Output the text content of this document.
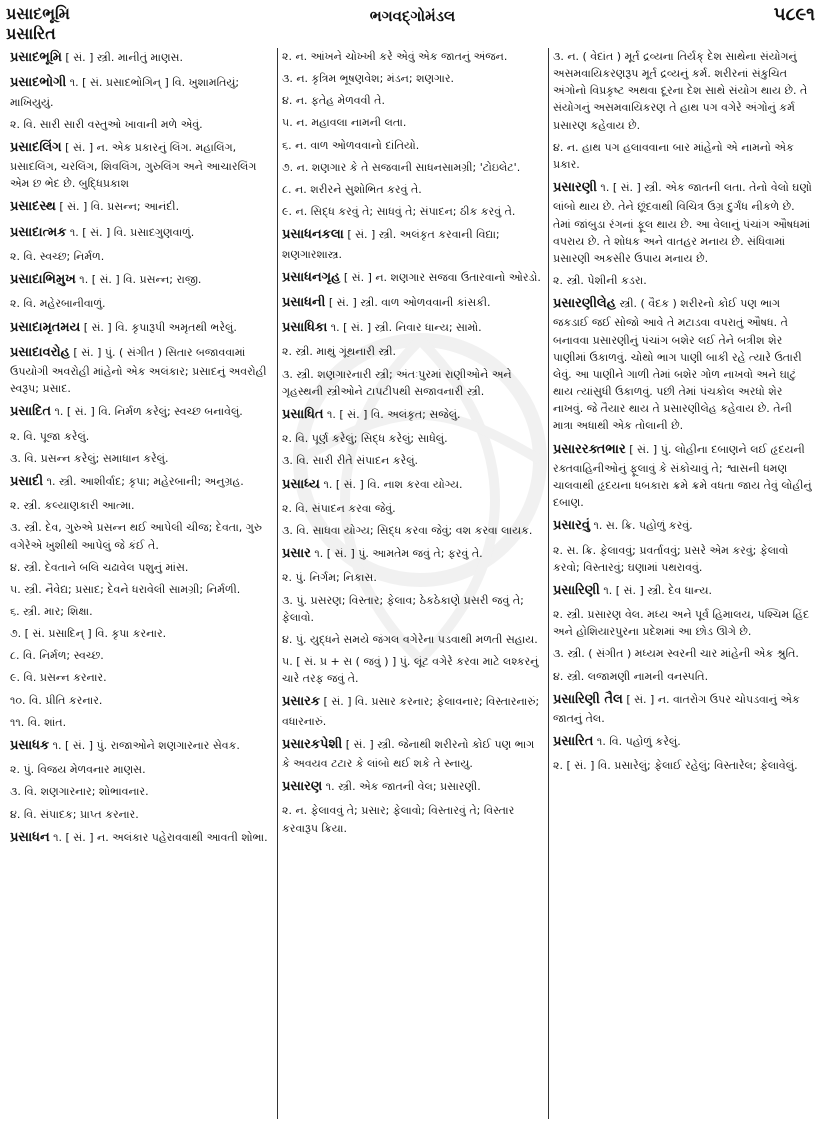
પ્રસાદભૂમિ
પ્રસારિત
ભગવદ્ગોમંડલ	૫૮૯૧

પ્રસાદભૂમિ [ સં. ] સ્ત્રી. માનીતું માણસ.

પ્રસાદભોગી ૧. [ સં. પ્રસાદભોગિન્ ] વિ. ખુશામતિયું; માખિયુયું.

૨. વિ. સારી સારી વસ્તુઓ ખાવાની મળે એવું.

પ્રસાદલિંગ [ સં. ] ન. એક પ્રકારનું લિંગ. મહાલિંગ, પ્રસાદલિંગ, ચરલિંગ, શિવલિંગ, ગુરુલિંગ અને આચારલિંગ એમ છ ભેદ છે. બુદ્ધિપ્રકાશ

પ્રસાદસ્થ [ સં. ] વિ. પ્રસન્ન; આનંદી.

પ્રસાદાત્મક ૧. [ સં. ] વિ. પ્રસાદગુણવાળું.

૨. વિ. સ્વચ્છ; નિર્મળ.

પ્રસાદાભિમુખ ૧. [ સં. ] વિ. પ્રસન્ન; રાજી.

૨. વિ. મહેરબાનીવાળું.

પ્રસાદામૃતમય [ સં. ] વિ. કૃપારૂપી અમૃતથી ભરેલું.

પ્રસાદાવરોહ [ સં. ] પું. ( સંગીત ) સિતાર બજાવવામાં ઉપયોગી અવરોહી માંહેનો એક અલંકાર; પ્રસાદનું અવરોહી સ્વરૂપ; પ્રસાદ.

પ્રસાદિત ૧. [ સં. ] વિ. નિર્મળ કરેલું; સ્વચ્છ બનાવેલું.

૨. વિ. પૂજા કરેલું.

૩. વિ. પ્રસન્ન કરેલું; સમાધાન કરેલું.

પ્રસાદી ૧. સ્ત્રી. આશીર્વાદ; કૃપા; મહેરબાની; અનુગ્રહ.

૨. સ્ત્રી. કલ્યાણકારી આત્મા.

૩. સ્ત્રી. દેવ, ગુરુએ પ્રસન્ન થઈ આપેલી ચીજ; દેવતા, ગુરુ વગેરેએ ખુશીથી આપેલું જે કંઈ તે.

૪. સ્ત્રી. દેવતાને બલિ ચઢાવેલ પશુનું માંસ.

૫. સ્ત્રી. નૈવેદ્ય; પ્રસાદ; દેવને ધરાવેલી સામગ્રી; નિર્મળી.

૬. સ્ત્રી. માર; શિક્ષા.

૭. [ સં. પ્રસાદિન્ ] વિ. કૃપા કરનાર.

૮. વિ. નિર્મળ; સ્વચ્છ.

૯. વિ. પ્રસન્ન કરનાર.

૧૦. વિ. પ્રીતિ કરનાર.

૧૧. વિ. શાંત.

પ્રસાધક ૧. [ સં. ] પું. રાજાઓને શણગારનાર સેવક.

૨. પું. વિજય મેળવનાર માણસ.

૩. વિ. શણગારનાર; શોભાવનાર.

૪. વિ. સંપાદક; પ્રાપ્ત કરનાર.

પ્રસાધન ૧. [ સં. ] ન. અલંકાર પહેરાવવાથી આવતી શોભા.

૨. ન. આંખને ચોખ્ખી કરે એવું એક જાતનું અંજન.

૩. ન. કૃત્રિમ ભૂષણવેશ; મંડન; શણગાર.

૪. ન. ફતેહ મેળવવી તે.

૫. ન. મહાવલા નામની લતા.

૬. ન. વાળ ઓળવવાનો દાંતિયો.

૭. ન. શણગાર કે તે સજવાની સાધનસામગ્રી; 'ટોઇલેટ'.

૮. ન. શરીરને સુશોભિત કરવું તે.

૯. ન. સિદ્ધ કરવું તે; સાધવું તે; સંપાદન; ઠીક કરવું તે.

પ્રસાધનકલા [ સં. ] સ્ત્રી. અલંકૃત કરવાની વિદ્યા; શણગારશાસ્ત્ર.

પ્રસાધનગૃહ [ સં. ] ન. શણગાર સજવા ઉતારવાનો ઓરડો.

પ્રસાધની [ સં. ] સ્ત્રી. વાળ ઓળવવાની કાંસકી.

પ્રસાધિકા ૧. [ સં. ] સ્ત્રી. નિવાર ધાન્ય; સામો.

૨. સ્ત્રી. માથું ગૂંથનારી સ્ત્રી.

૩. સ્ત્રી. શણગારનારી સ્ત્રી; અંતઃપુરમાં રાણીઓને અને ગૃહસ્થની સ્ત્રીઓને ટાપટીપથી સજાવનારી સ્ત્રી.

પ્રસાધિત ૧. [ સં. ] વિ. અલંકૃત; સજેલું.

૨. વિ. પૂર્ણ કરેલું; સિદ્ધ કરેલું; સાધેલું.

૩. વિ. સારી રીતે સંપાદન કરેલું.

પ્રસાધ્ય ૧. [ સં. ] વિ. નાશ કરવા યોગ્ય.

૨. વિ. સંપાદન કરવા જેવું.

૩. વિ. સાધવા યોગ્ય; સિદ્ધ કરવા જેવું; વશ કરવા લાયક.

પ્રસાર ૧. [ સં. ] પું. આમતેમ જવું તે; ફરવું તે.

૨. પું. નિર્ગમ; નિકાસ.

૩. પું. પ્રસરણ; વિસ્તાર; ફેલાવ; ઠેકઠેકાણે પ્રસરી જવું તે; ફેલાવો.

૪. પું. યુદ્ધને સમયે જંગલ વગેરેના પડવાથી મળતી સહાય.

૫. [ સં. પ્ર + સ ( જવું ) ] પું. લૂંટ વગેરે કરવા માટે લશ્કરનું ચારે તરફ જવું તે.

પ્રસારક [ સં. ] વિ. પ્રસાર કરનાર; ફેલાવનાર; વિસ્તારનારું; વધારનારું.

પ્રસારકપેશી [ સં. ] સ્ત્રી. જેનાથી શરીરનો કોઈ પણ ભાગ કે અવયવ ટટાર કે લાંબો થઈ શકે તે સ્નાયુ.

પ્રસારણ ૧. સ્ત્રી. એક જાતની વેલ; પ્રસારણી.

૨. ન. ફેલાવવું તે; પ્રસાર; ફેલાવો; વિસ્તારવું તે; વિસ્તાર કરવારૂપ ક્રિયા.

૩. ન. ( વેદાંત ) મૂર્ત દ્રવ્યના તિર્યક્ દેશ સાથેના સંયોગનું અસમવાયિકરણરૂપ મૂર્ત દ્રવ્યનું કર્મ. શરીરનાં સંકુચિત અંગોનો વિપ્રકૃષ્ટ અથવા દૂરના દેશ સાથે સંયોગ થાય છે. તે સંયોગનું અસમવાયિકરણ તે હાથ પગ વગેરે અંગોનું કર્મ પ્રસારણ કહેવાય છે.

૪. ન. હાથ પગ હલાવવાના બાર માંહેનો એ નામનો એક પ્રકાર.

પ્રસારણી ૧. [ સં. ] સ્ત્રી. એક જાતની લતા. તેનો વેલો ઘણો લાંબો થાય છે. તેને છૂંદવાથી વિચિત્ર ઉગ્ર દુર્ગંધ નીકળે છે. તેમાં જાંબુડા રંગનાં ફૂલ થાય છે. આ વેલાનું પંચાંગ ઔષધમાં વપરાય છે. તે શોધક અને વાતહર મનાય છે. સંધિવામાં પ્રસારણી અકસીર ઉપાય મનાય છે.

૨. સ્ત્રી. પેશીની કડરા.

પ્રસારણીલેહ સ્ત્રી. ( વૈદક ) શરીરનો કોઈ પણ ભાગ જકડાઈ જઈ સોજો આવે તે મટાડવા વપરાતું ઔષધ. તે બનાવવા પ્રસારણીનું પંચાંગ બશેર લઈ તેને બત્રીશ શેર પાણીમાં ઉકાળવું. ચોથો ભાગ પાણી બાકી રહે ત્યારે ઉતારી લેવું. આ પાણીને ગાળી તેમાં બશેર ગોળ નાખવો અને ઘાટું થાય ત્યાંસુધી ઉકાળવું. પછી તેમાં પંચકોલ અરધો શેર નાખવું. જે તૈયાર થાય તે પ્રસારણીલેહ કહેવાય છે. તેની માત્રા અધાથી એક તોલાની છે.

પ્રસારરક્તભાર [ સં. ] પું. લોહીના દબાણને લઈ હૃદયની રક્તવાહિનીઓનું ફૂલાવું કે સંકોચાવું તે; શ્વાસની ધમણ ચાલવાથી હૃદયના ધબકારા ક્રમે ક્રમે વધતા જાય તેવું લોહીનું દબાણ.

પ્રસારવું ૧. સ. ક્રિ. પહોળું કરવું.

૨. સ. ક્રિ. ફેલાવવું; પ્રવર્તાવવું; પ્રસરે એમ કરવું; ફેલાવો કરવો; વિસ્તારવું; ઘણામાં પથરાવવું.

પ્રસારિણી ૧. [ સં. ] સ્ત્રી. દેવ ધાન્ય.

૨. સ્ત્રી. પ્રસારણ વેલ. મધ્ય અને પૂર્વ હિમાલય, પશ્ચિમ હિંદ અને હોશિયારપુરના પ્રદેશમાં આ છોડ ઊગે છે.

૩. સ્ત્રી. ( સંગીત ) મધ્યમ સ્વરની ચાર માંહેની એક શ્રુતિ.

૪. સ્ત્રી. લજામણી નામની વનસ્પતિ.

પ્રસારિણી તૈલ [ સં. ] ન. વાતરોગ ઉપર ચોપડવાનું એક જાતનું તેલ.

પ્રસારિત ૧. વિ. પહોળું કરેલું.

૨. [ સં. ] વિ. પ્રસારેલું; ફેલાઈ રહેલું; વિસ્તારેલ; ફેલાવેલું.
